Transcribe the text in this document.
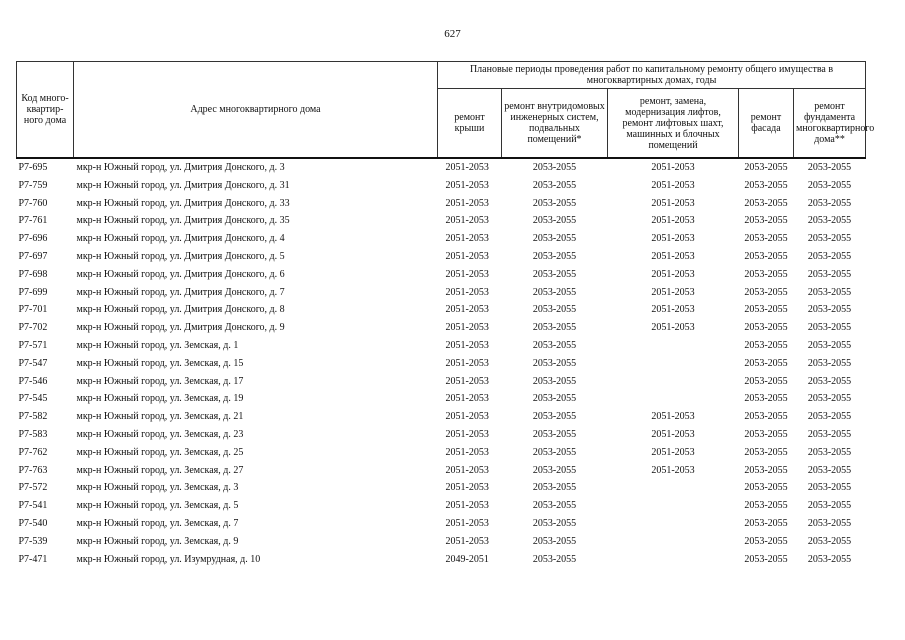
627
Код много-квартир-ного дома	Адрес многоквартирного дома	Плановые периоды проведения работ по капитальному ремонту общего имущества в многоквартирных домах, годы				
		ремонт крыши	ремонт внутридомовых инженерных систем, подвальных помещений*	ремонт, замена, модернизация лифтов, ремонт лифтовых шахт, машинных и блочных помещений	ремонт фасада	ремонт фундамента многоквартирного дома**
Р7-695	мкр-н Южный город, ул. Дмитрия Донского, д. 3	2051-2053	2053-2055	2051-2053	2053-2055	2053-2055
Р7-759	мкр-н Южный город, ул. Дмитрия Донского, д. 31	2051-2053	2053-2055	2051-2053	2053-2055	2053-2055
Р7-760	мкр-н Южный город, ул. Дмитрия Донского, д. 33	2051-2053	2053-2055	2051-2053	2053-2055	2053-2055
Р7-761	мкр-н Южный город, ул. Дмитрия Донского, д. 35	2051-2053	2053-2055	2051-2053	2053-2055	2053-2055
Р7-696	мкр-н Южный город, ул. Дмитрия Донского, д. 4	2051-2053	2053-2055	2051-2053	2053-2055	2053-2055
Р7-697	мкр-н Южный город, ул. Дмитрия Донского, д. 5	2051-2053	2053-2055	2051-2053	2053-2055	2053-2055
Р7-698	мкр-н Южный город, ул. Дмитрия Донского, д. 6	2051-2053	2053-2055	2051-2053	2053-2055	2053-2055
Р7-699	мкр-н Южный город, ул. Дмитрия Донского, д. 7	2051-2053	2053-2055	2051-2053	2053-2055	2053-2055
Р7-701	мкр-н Южный город, ул. Дмитрия Донского, д. 8	2051-2053	2053-2055	2051-2053	2053-2055	2053-2055
Р7-702	мкр-н Южный город, ул. Дмитрия Донского, д. 9	2051-2053	2053-2055	2051-2053	2053-2055	2053-2055
Р7-571	мкр-н Южный город, ул. Земская, д. 1	2051-2053	2053-2055		2053-2055	2053-2055
Р7-547	мкр-н Южный город, ул. Земская, д. 15	2051-2053	2053-2055		2053-2055	2053-2055
Р7-546	мкр-н Южный город, ул. Земская, д. 17	2051-2053	2053-2055		2053-2055	2053-2055
Р7-545	мкр-н Южный город, ул. Земская, д. 19	2051-2053	2053-2055		2053-2055	2053-2055
Р7-582	мкр-н Южный город, ул. Земская, д. 21	2051-2053	2053-2055	2051-2053	2053-2055	2053-2055
Р7-583	мкр-н Южный город, ул. Земская, д. 23	2051-2053	2053-2055	2051-2053	2053-2055	2053-2055
Р7-762	мкр-н Южный город, ул. Земская, д. 25	2051-2053	2053-2055	2051-2053	2053-2055	2053-2055
Р7-763	мкр-н Южный город, ул. Земская, д. 27	2051-2053	2053-2055	2051-2053	2053-2055	2053-2055
Р7-572	мкр-н Южный город, ул. Земская, д. 3	2051-2053	2053-2055		2053-2055	2053-2055
Р7-541	мкр-н Южный город, ул. Земская, д. 5	2051-2053	2053-2055		2053-2055	2053-2055
Р7-540	мкр-н Южный город, ул. Земская, д. 7	2051-2053	2053-2055		2053-2055	2053-2055
Р7-539	мкр-н Южный город, ул. Земская, д. 9	2051-2053	2053-2055		2053-2055	2053-2055
Р7-471	мкр-н Южный город, ул. Изумрудная, д. 10	2049-2051	2053-2055		2053-2055	2053-2055
